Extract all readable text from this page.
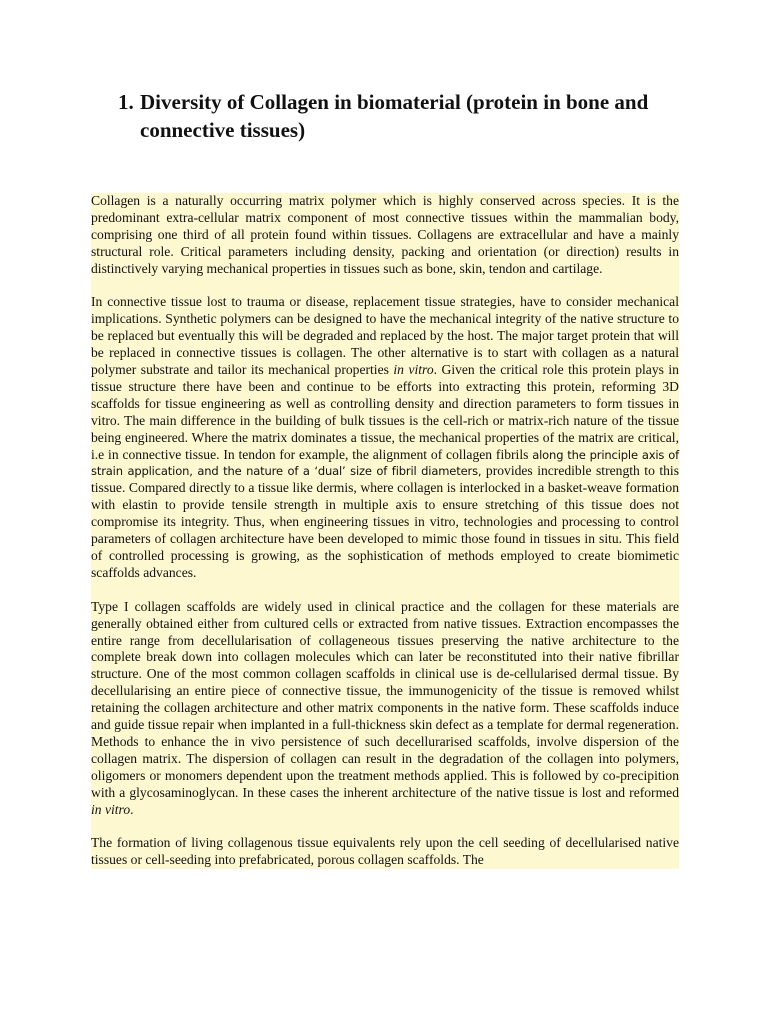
1. Diversity of Collagen in biomaterial (protein in bone and connective tissues)

Collagen is a naturally occurring matrix polymer which is highly conserved across species. It is the predominant extra-cellular matrix component of most connective tissues within the mammalian body, comprising one third of all protein found within tissues. Collagens are extracellular and have a mainly structural role. Critical parameters including density, packing and orientation (or direction) results in distinctively varying mechanical properties in tissues such as bone, skin, tendon and cartilage.

In connective tissue lost to trauma or disease, replacement tissue strategies, have to consider mechanical implications. Synthetic polymers can be designed to have the mechanical integrity of the native structure to be replaced but eventually this will be degraded and replaced by the host. The major target protein that will be replaced in connective tissues is collagen. The other alternative is to start with collagen as a natural polymer substrate and tailor its mechanical properties in vitro. Given the critical role this protein plays in tissue structure there have been and continue to be efforts into extracting this protein, reforming 3D scaffolds for tissue engineering as well as controlling density and direction parameters to form tissues in vitro. The main difference in the building of bulk tissues is the cell-rich or matrix-rich nature of the tissue being engineered. Where the matrix dominates a tissue, the mechanical properties of the matrix are critical, i.e in connective tissue. In tendon for example, the alignment of collagen fibrils along the principle axis of strain application, and the nature of a ‘dual’ size of fibril diameters, provides incredible strength to this tissue. Compared directly to a tissue like dermis, where collagen is interlocked in a basket-weave formation with elastin to provide tensile strength in multiple axis to ensure stretching of this tissue does not compromise its integrity. Thus, when engineering tissues in vitro, technologies and processing to control parameters of collagen architecture have been developed to mimic those found in tissues in situ. This field of controlled processing is growing, as the sophistication of methods employed to create biomimetic scaffolds advances.

Type I collagen scaffolds are widely used in clinical practice and the collagen for these materials are generally obtained either from cultured cells or extracted from native tissues. Extraction encompasses the entire range from decellularisation of collageneous tissues preserving the native architecture to the complete break down into collagen molecules which can later be reconstituted into their native fibrillar structure. One of the most common collagen scaffolds in clinical use is de-cellularised dermal tissue. By decellularising an entire piece of connective tissue, the immunogenicity of the tissue is removed whilst retaining the collagen architecture and other matrix components in the native form. These scaffolds induce and guide tissue repair when implanted in a full-thickness skin defect as a template for dermal regeneration. Methods to enhance the in vivo persistence of such decellurarised scaffolds, involve dispersion of the collagen matrix. The dispersion of collagen can result in the degradation of the collagen into polymers, oligomers or monomers dependent upon the treatment methods applied. This is followed by co-precipition with a glycosaminoglycan. In these cases the inherent architecture of the native tissue is lost and reformed in vitro.

The formation of living collagenous tissue equivalents rely upon the cell seeding of decellularised native tissues or cell-seeding into prefabricated, porous collagen scaffolds. The
